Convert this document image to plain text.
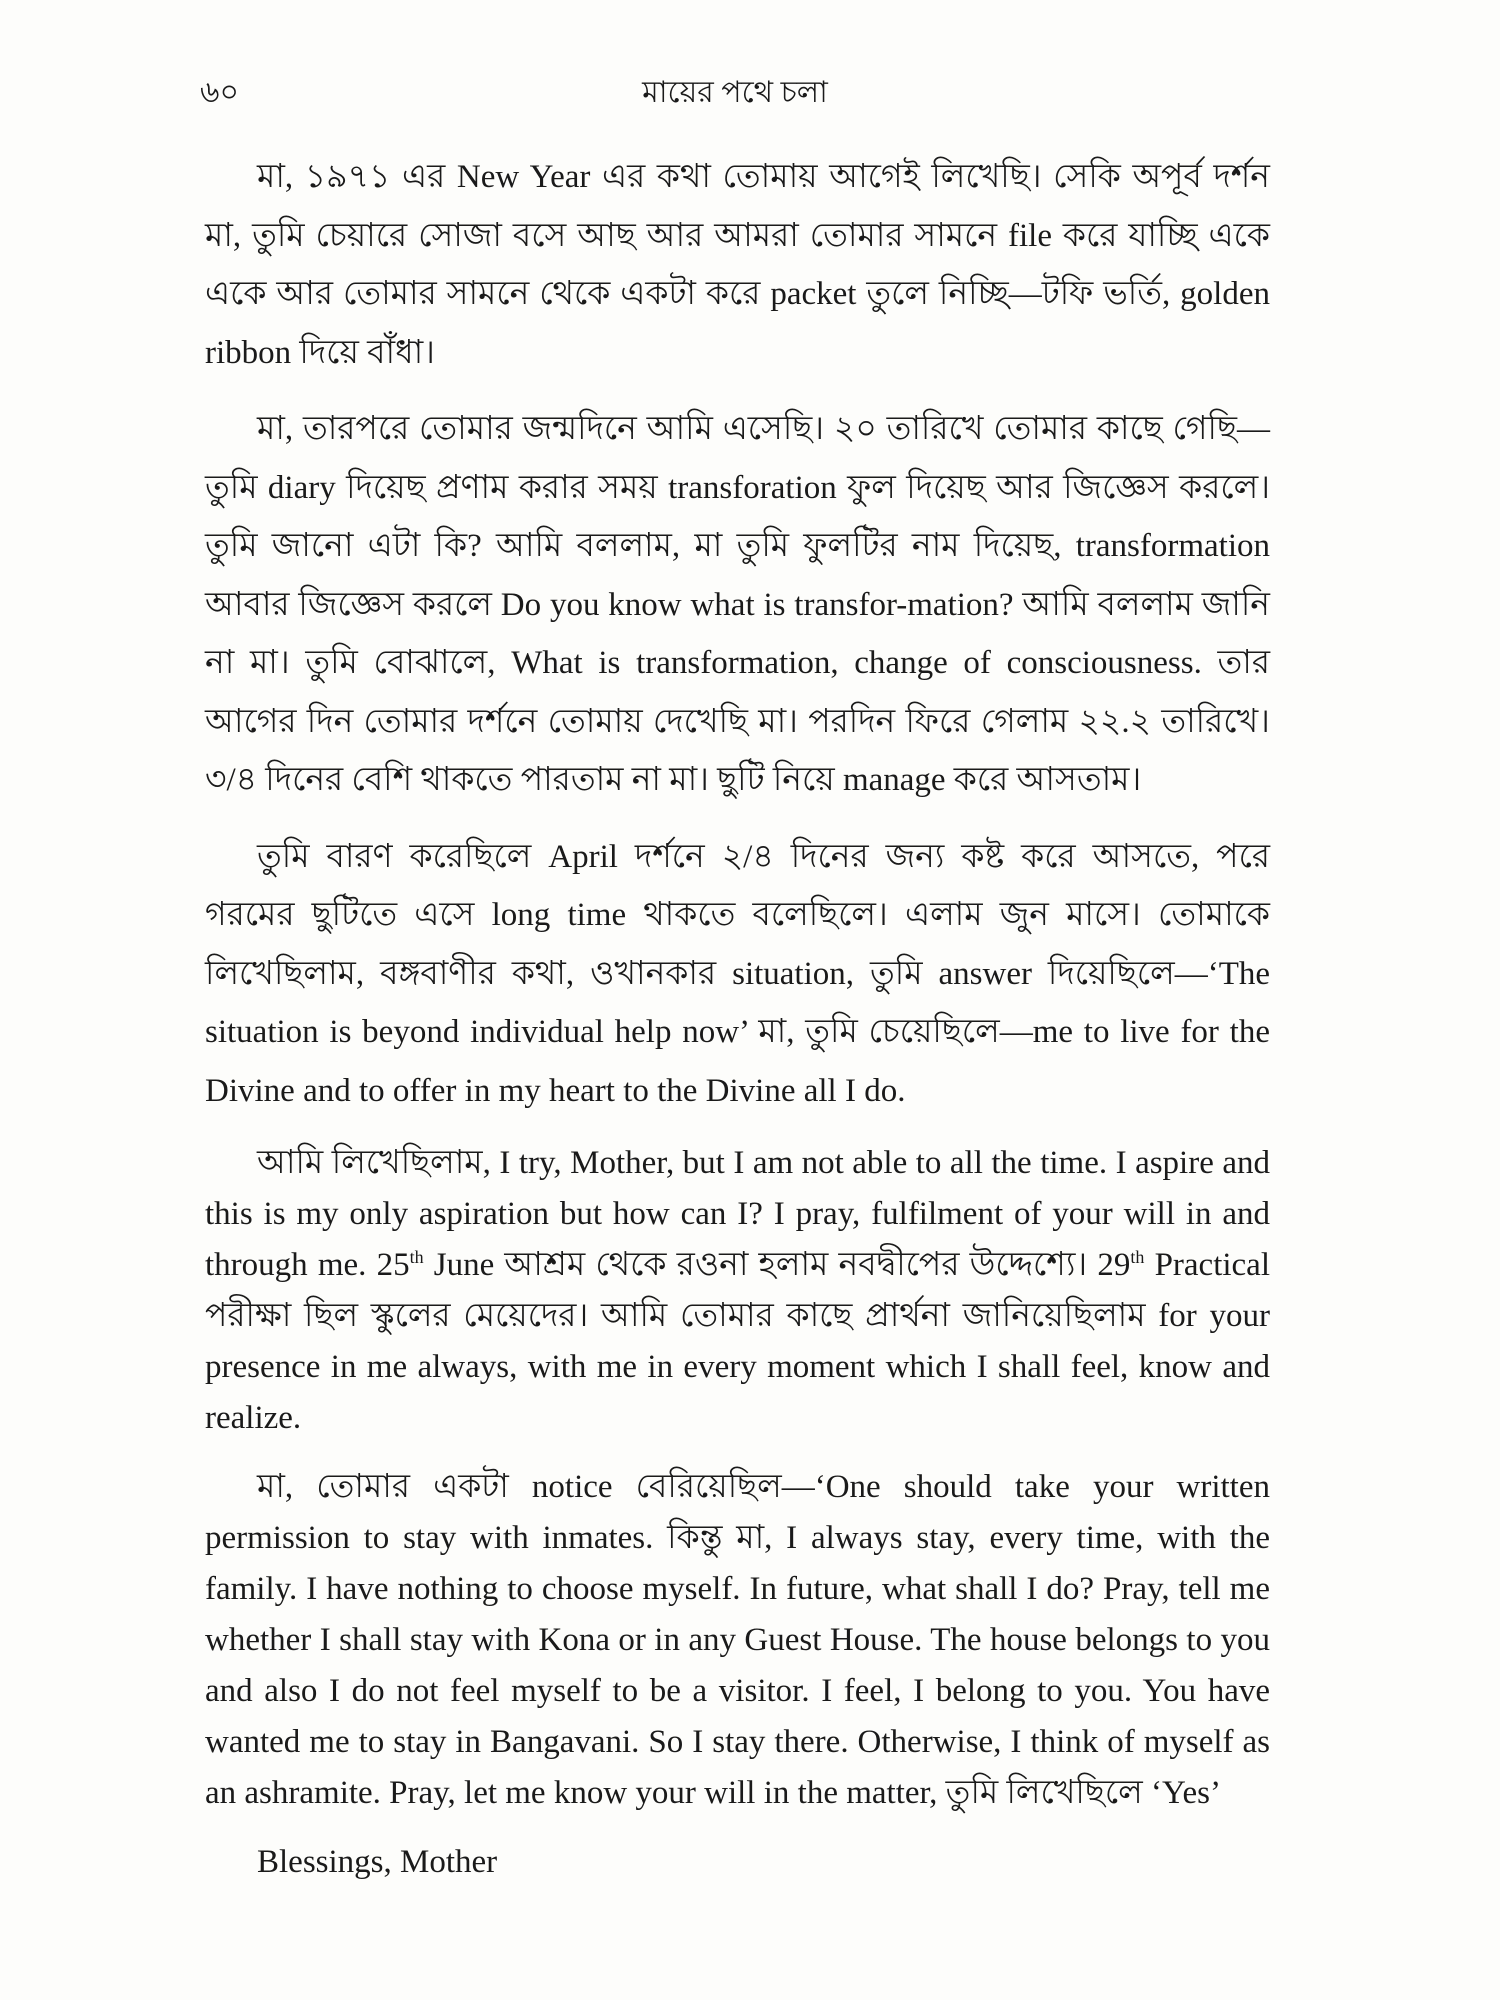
৬০	মায়ের পথে চলা

মা, ১৯৭১ এর New Year এর কথা তোমায় আগেই লিখেছি। সেকি অপূর্ব দর্শন মা, তুমি চেয়ারে সোজা বসে আছ আর আমরা তোমার সামনে file করে যাচ্ছি একে একে আর তোমার সামনে থেকে একটা করে packet তুলে নিচ্ছি—টফি ভর্তি, golden ribbon দিয়ে বাঁধা।

মা, তারপরে তোমার জন্মদিনে আমি এসেছি। ২০ তারিখে তোমার কাছে গেছি—তুমি diary দিয়েছ প্রণাম করার সময় transforation ফুল দিয়েছ আর জিজ্ঞেস করলে। তুমি জানো এটা কি? আমি বললাম, মা তুমি ফুলটির নাম দিয়েছ, transformation আবার জিজ্ঞেস করলে Do you know what is transfor-mation? আমি বললাম জানি না মা। তুমি বোঝালে, What is transformation, change of consciousness. তার আগের দিন তোমার দর্শনে তোমায় দেখেছি মা। পরদিন ফিরে গেলাম ২২.২ তারিখে। ৩/৪ দিনের বেশি থাকতে পারতাম না মা। ছুটি নিয়ে manage করে আসতাম।

তুমি বারণ করেছিলে April দর্শনে ২/৪ দিনের জন্য কষ্ট করে আসতে, পরে গরমের ছুটিতে এসে long time থাকতে বলেছিলে। এলাম জুন মাসে। তোমাকে লিখেছিলাম, বঙ্গবাণীর কথা, ওখানকার situation, তুমি answer দিয়েছিলে—‘The situation is beyond individual help now’ মা, তুমি চেয়েছিলে—me to live for the Divine and to offer in my heart to the Divine all I do.

আমি লিখেছিলাম, I try, Mother, but I am not able to all the time. I aspire and this is my only aspiration but how can I? I pray, fulfilment of your will in and through me. 25th June আশ্রম থেকে রওনা হলাম নবদ্বীপের উদ্দেশ্যে। 29th Practical পরীক্ষা ছিল স্কুলের মেয়েদের। আমি তোমার কাছে প্রার্থনা জানিয়েছিলাম for your presence in me always, with me in every moment which I shall feel, know and realize.

মা, তোমার একটা notice বেরিয়েছিল—‘One should take your written permission to stay with inmates. কিন্তু মা, I always stay, every time, with the family. I have nothing to choose myself. In future, what shall I do? Pray, tell me whether I shall stay with Kona or in any Guest House. The house belongs to you and also I do not feel myself to be a visitor. I feel, I belong to you. You have wanted me to stay in Bangavani. So I stay there. Otherwise, I think of myself as an ashramite. Pray, let me know your will in the matter, তুমি লিখেছিলে ‘Yes’

Blessings, Mother
